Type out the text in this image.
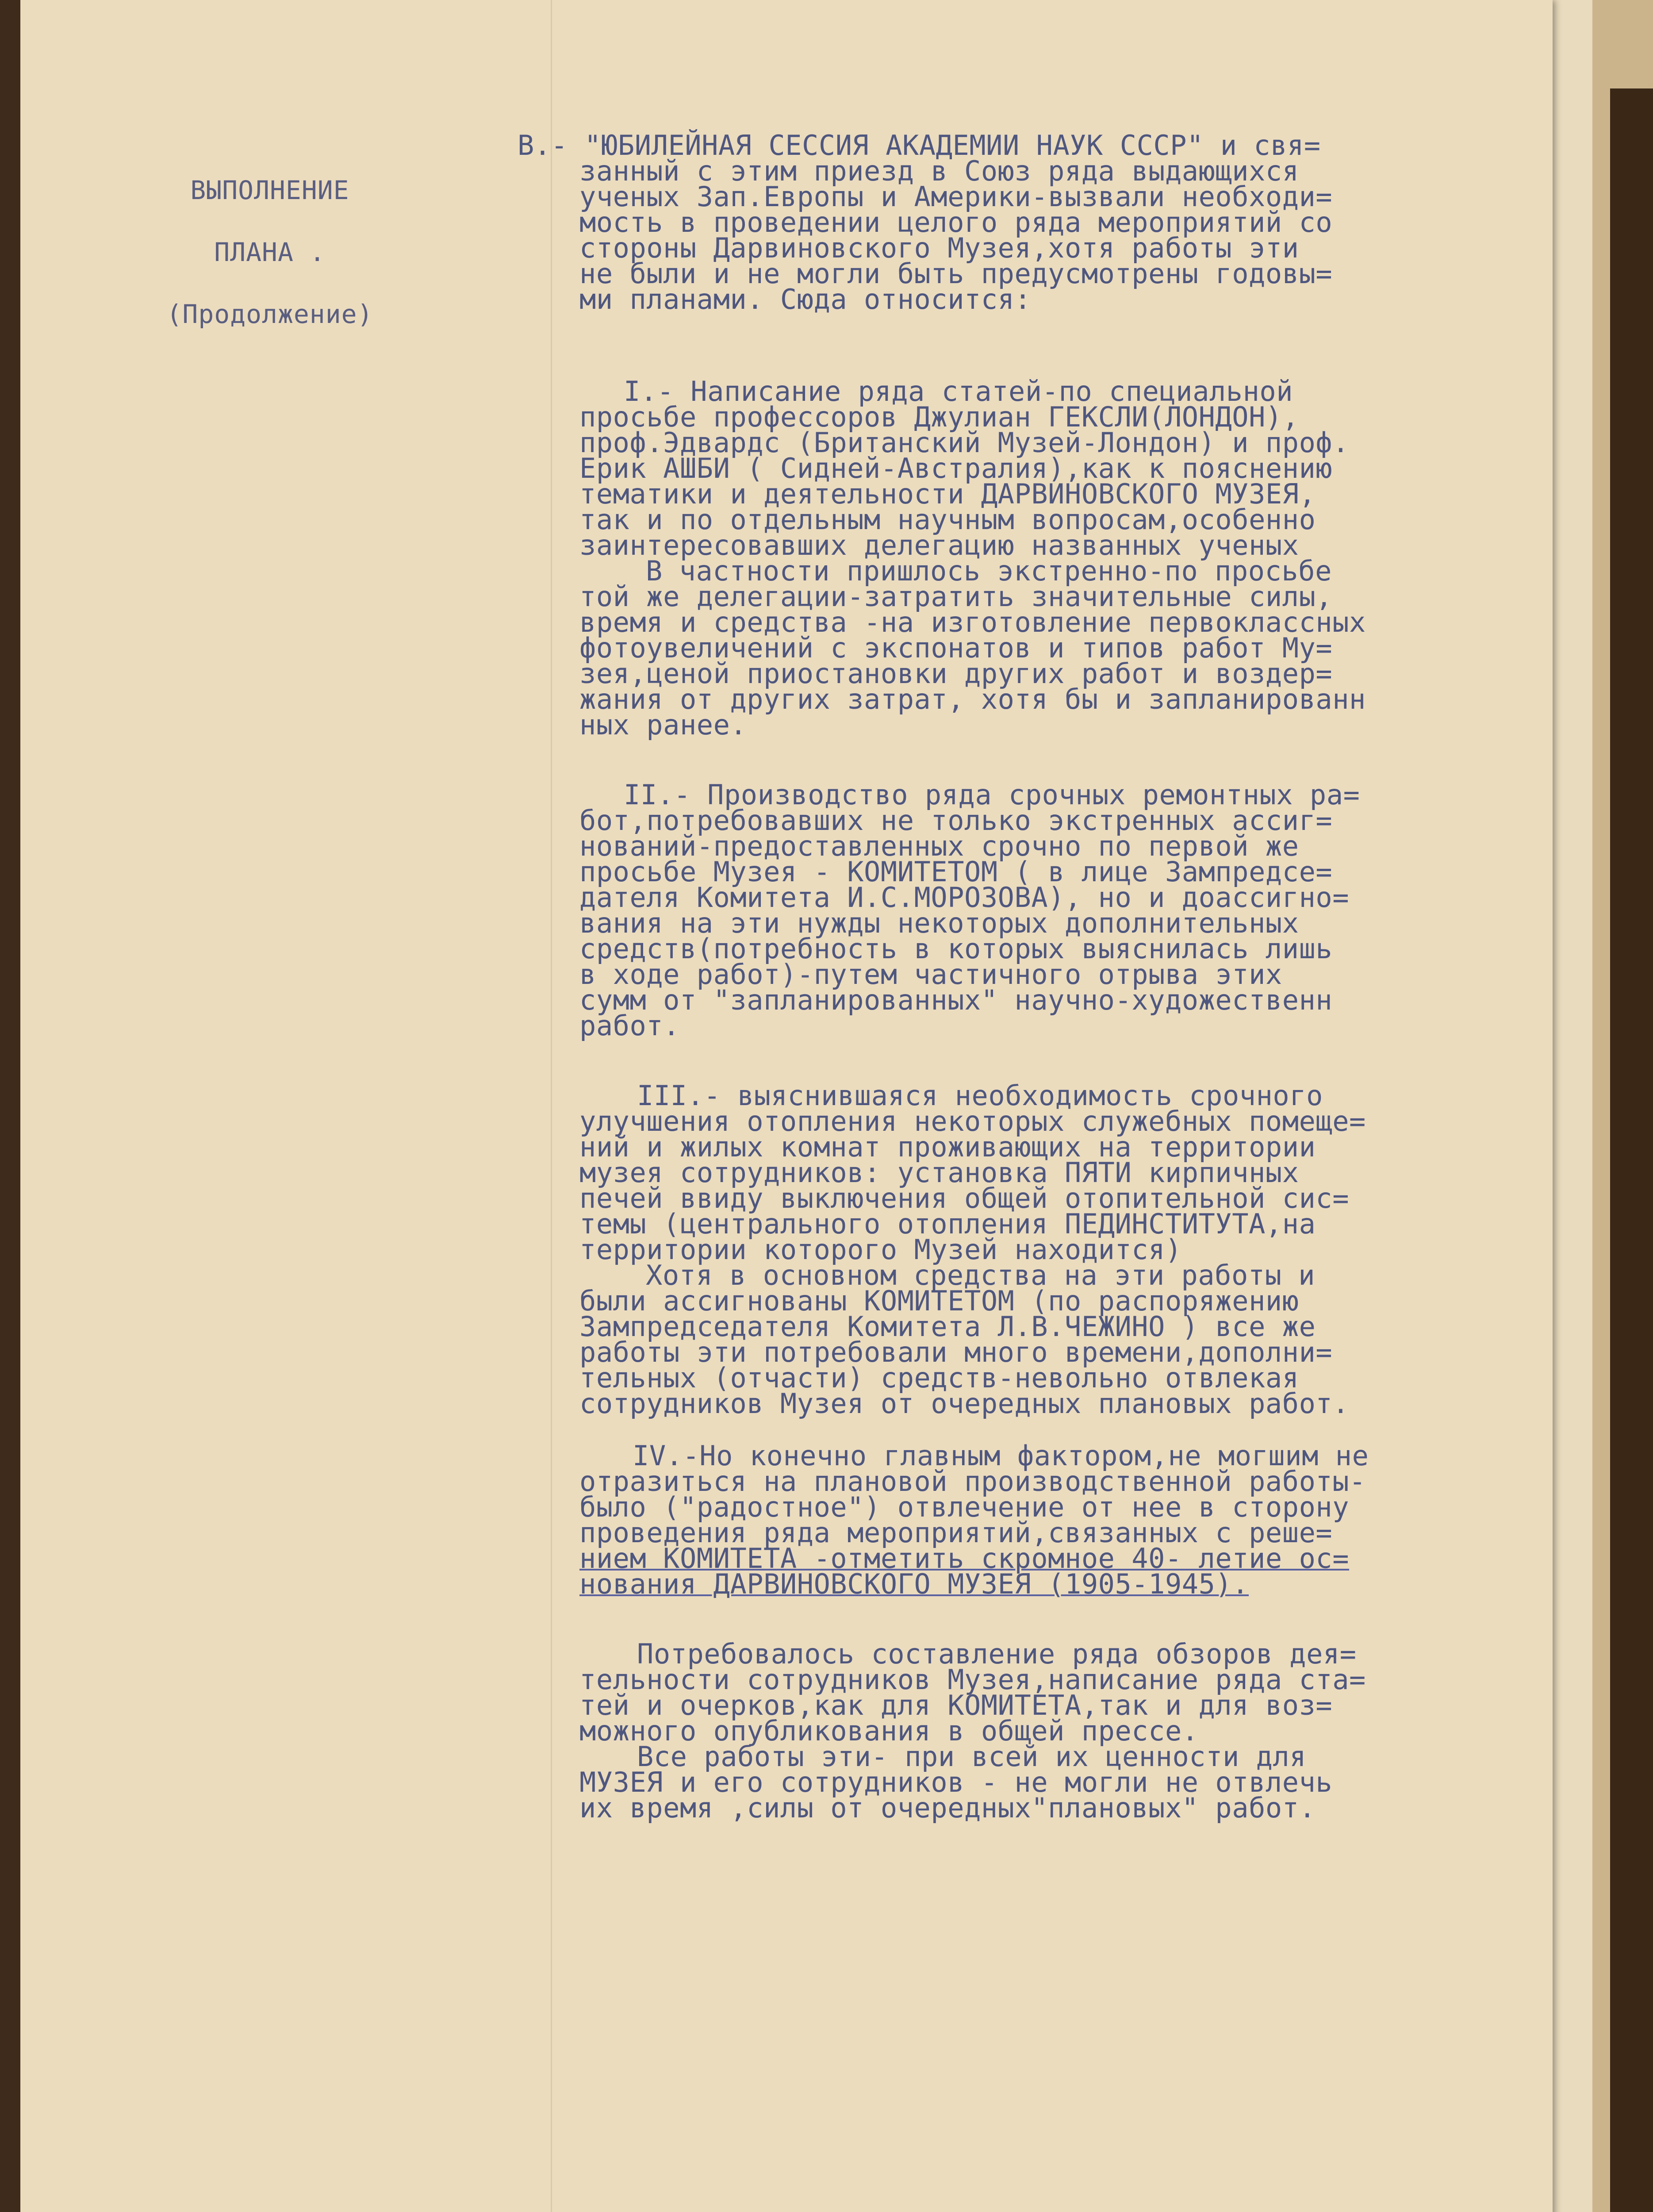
ВЫПОЛНЕНИЕ
ПЛАНА .
(Продолжение)
B.- "ЮБИЛЕЙНАЯ СЕССИЯ АКАДЕМИИ НАУК СССР" и свя=
занный с этим приезд в Союз ряда выдающихся
ученых Зап.Европы и Америки-вызвали необходи=
мость в проведении целого ряда мероприятий со
стороны Дарвиновского Музея,хотя работы эти
не были и не могли быть предусмотрены годовы=
ми планами. Сюда относится:
I.- Написание ряда статей-по специальной
просьбе профессоров Джулиан ГЕКСЛИ(ЛОНДОН),
проф.Эдвардс (Британский Музей-Лондон) и проф.
Ерик АШБИ ( Сидней-Австралия),как к пояснению
тематики и деятельности ДАРВИНОВСКОГО МУЗЕЯ,
так и по отдельным научным вопросам,особенно
заинтересовавших делегацию названных ученых
В частности пришлось экстренно-по просьбе
той же делегации-затратить значительные силы,
время и средства -на изготовление первоклассных
фотоувеличений с экспонатов и типов работ Му=
зея,ценой приостановки других работ и воздер=
жания от других затрат, хотя бы и запланированн
ных ранее.
II.- Производство ряда срочных ремонтных ра=
бот,потребовавших не только экстренных ассиг=
нований-предоставленных срочно по первой же
просьбе Музея - КОМИТЕТОМ ( в лице Зампредсе=
дателя Комитета И.С.МОРОЗОВА), но и доассигно=
вания на эти нужды некоторых дополнительных
средств(потребность в которых выяснилась лишь
в ходе работ)-путем частичного отрыва этих
сумм от "запланированных" научно-художественн
работ.
III.- выяснившаяся необходимость срочного
улучшения отопления некоторых служебных помеще=
ний и жилых комнат проживающих на территории
музея сотрудников: установка ПЯТИ кирпичных
печей ввиду выключения общей отопительной сис=
темы (центрального отопления ПЕДИНСТИТУТА,на
территории которого Музей находится)
Хотя в основном средства на эти работы и
были ассигнованы КОМИТЕТОМ (по распоряжению
Зампредседателя Комитета Л.В.ЧЕЖИНО ) все же
работы эти потребовали много времени,дополни=
тельных (отчасти) средств-невольно отвлекая
сотрудников Музея от очередных плановых работ.
IV.-Но конечно главным фактором,не могшим не
отразиться на плановой производственной работы-
было ("радостное") отвлечение от нее в сторону
проведения ряда мероприятий,связанных с реше=
нием КОМИТЕТА -отметить скромное 40- летие ос=
нования ДАРВИНОВСКОГО МУЗЕЯ (1905-1945).
Потребовалось составление ряда обзоров дея=
тельности сотрудников Музея,написание ряда ста=
тей и очерков,как для КОМИТЕТА,так и для воз=
можного опубликования в общей прессе.
Все работы эти- при всей их ценности для
МУЗЕЯ и его сотрудников - не могли не отвлечь
их время ,силы от очередных"плановых" работ.
